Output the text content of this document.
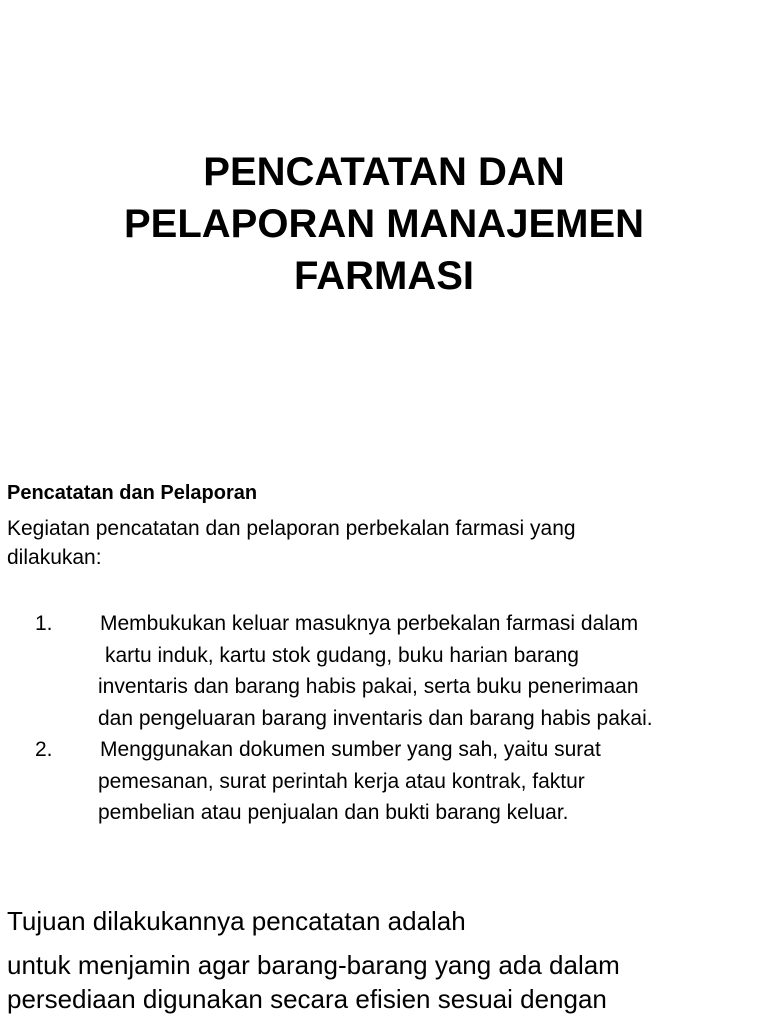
PENCATATAN DAN
PELAPORAN MANAJEMEN
FARMASI

Pencatatan dan Pelaporan

Kegiatan pencatatan dan pelaporan perbekalan farmasi yang
dilakukan:

1.	Membukukan keluar masuknya perbekalan farmasi dalam
kartu induk, kartu stok gudang, buku harian barang
inventaris dan barang habis pakai, serta buku penerimaan
dan pengeluaran barang inventaris dan barang habis pakai.
2.	Menggunakan dokumen sumber yang sah, yaitu surat
pemesanan, surat perintah kerja atau kontrak, faktur
pembelian atau penjualan dan bukti barang keluar.

Tujuan dilakukannya pencatatan adalah

untuk menjamin agar barang-barang yang ada dalam
persediaan digunakan secara efisien sesuai dengan
